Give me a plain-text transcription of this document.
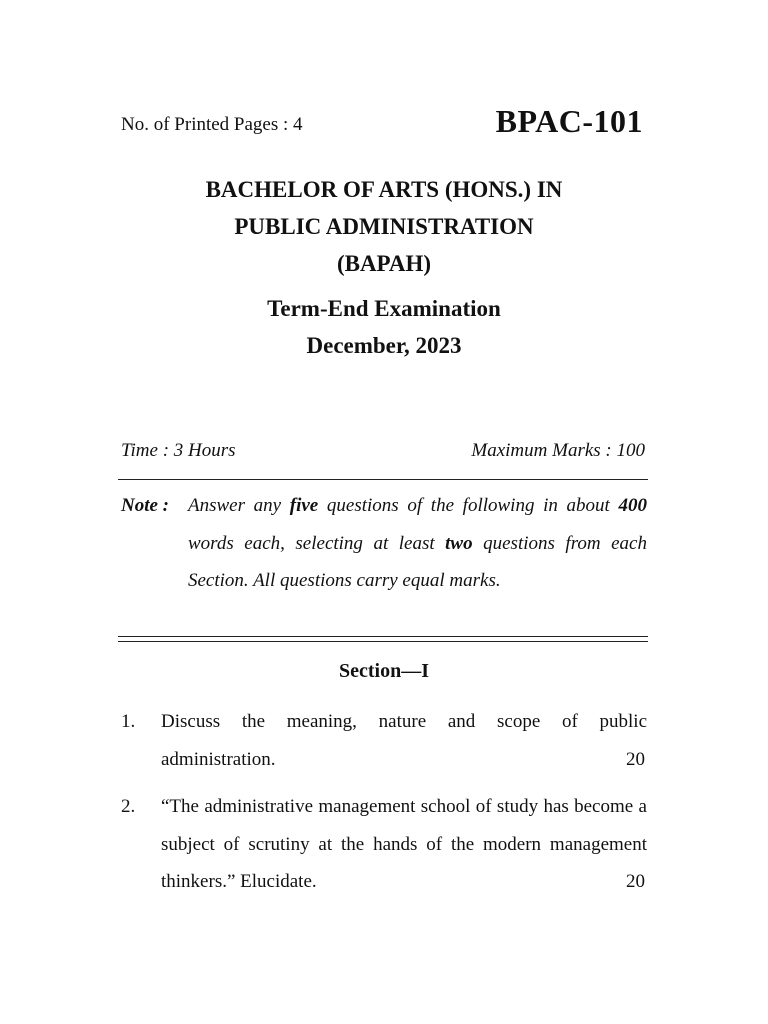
No. of Printed Pages : 4	BPAC-101
BACHELOR OF ARTS (HONS.) IN
PUBLIC ADMINISTRATION
(BAPAH)
Term-End Examination
December, 2023
Time : 3 Hours	Maximum Marks : 100
Note : Answer any five questions of the following in about 400 words each, selecting at least two questions from each Section. All questions carry equal marks.
Section—I
1. Discuss the meaning, nature and scope of public administration.	20
2. “The administrative management school of study has become a subject of scrutiny at the hands of the modern management thinkers.” Elucidate.	20
